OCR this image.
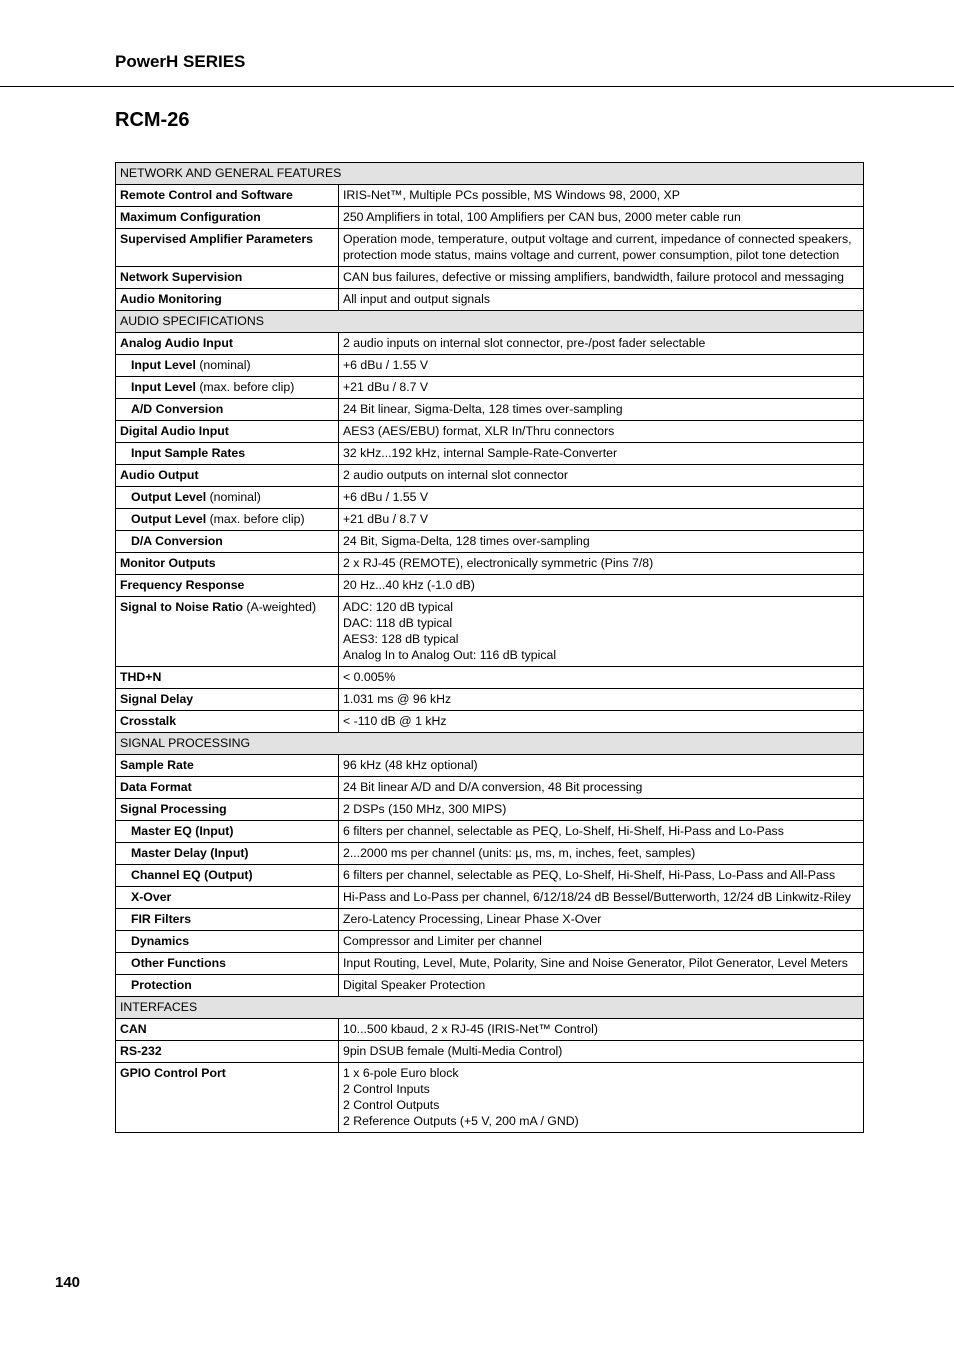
PowerH SERIES
RCM-26
NETWORK AND GENERAL FEATURES	
Remote Control and Software	IRIS-Net™, Multiple PCs possible, MS Windows 98, 2000, XP

Maximum Configuration	250 Amplifiers in total, 100 Amplifiers per CAN bus, 2000 meter cable run

Supervised Amplifier Parameters	Operation mode, temperature, output voltage and current, impedance of connected speakers, protection mode status, mains voltage and current, power consumption, pilot tone detection

Network Supervision	CAN bus failures, defective or missing amplifiers, bandwidth, failure protocol and messaging

Audio Monitoring	All input and output signals

AUDIO SPECIFICATIONS	
Analog Audio Input	2 audio inputs on internal slot connector, pre-/post fader selectable

Input Level (nominal)	+6 dBu / 1.55 V

Input Level (max. before clip)	+21 dBu / 8.7 V

A/D Conversion	24 Bit linear, Sigma-Delta, 128 times over-sampling

Digital Audio Input	AES3 (AES/EBU) format, XLR In/Thru connectors

Input Sample Rates	32 kHz...192 kHz, internal Sample-Rate-Converter

Audio Output	2 audio outputs on internal slot connector

Output Level (nominal)	+6 dBu / 1.55 V

Output Level (max. before clip)	+21 dBu / 8.7 V

D/A Conversion	24 Bit, Sigma-Delta, 128 times over-sampling

Monitor Outputs	2 x RJ-45 (REMOTE), electronically symmetric (Pins 7/8)

Frequency Response	20 Hz...40 kHz (-1.0 dB)

Signal to Noise Ratio (A-weighted)	ADC: 120 dB typical
DAC: 118 dB typical
AES3: 128 dB typical
Analog In to Analog Out: 116 dB typical

THD+N	< 0.005%

Signal Delay	1.031 ms @ 96 kHz

Crosstalk	< -110 dB @ 1 kHz

SIGNAL PROCESSING	
Sample Rate	96 kHz (48 kHz optional)

Data Format	24 Bit linear A/D and D/A conversion, 48 Bit processing

Signal Processing	2 DSPs (150 MHz, 300 MIPS)

Master EQ (Input)	6 filters per channel, selectable as PEQ, Lo-Shelf, Hi-Shelf, Hi-Pass and Lo-Pass

Master Delay (Input)	2...2000 ms per channel (units: µs, ms, m, inches, feet, samples)

Channel EQ (Output)	6 filters per channel, selectable as PEQ, Lo-Shelf, Hi-Shelf, Hi-Pass, Lo-Pass and All-Pass

X-Over	Hi-Pass and Lo-Pass per channel, 6/12/18/24 dB Bessel/Butterworth, 12/24 dB Linkwitz-Riley

FIR Filters	Zero-Latency Processing, Linear Phase X-Over

Dynamics	Compressor and Limiter per channel

Other Functions	Input Routing, Level, Mute, Polarity, Sine and Noise Generator, Pilot Generator, Level Meters

Protection	Digital Speaker Protection

INTERFACES	
CAN	10...500 kbaud, 2 x RJ-45 (IRIS-Net™ Control)

RS-232	9pin DSUB female (Multi-Media Control)

GPIO Control Port	1 x 6-pole Euro block
2 Control Inputs
2 Control Outputs
2 Reference Outputs (+5 V, 200 mA / GND)
140
